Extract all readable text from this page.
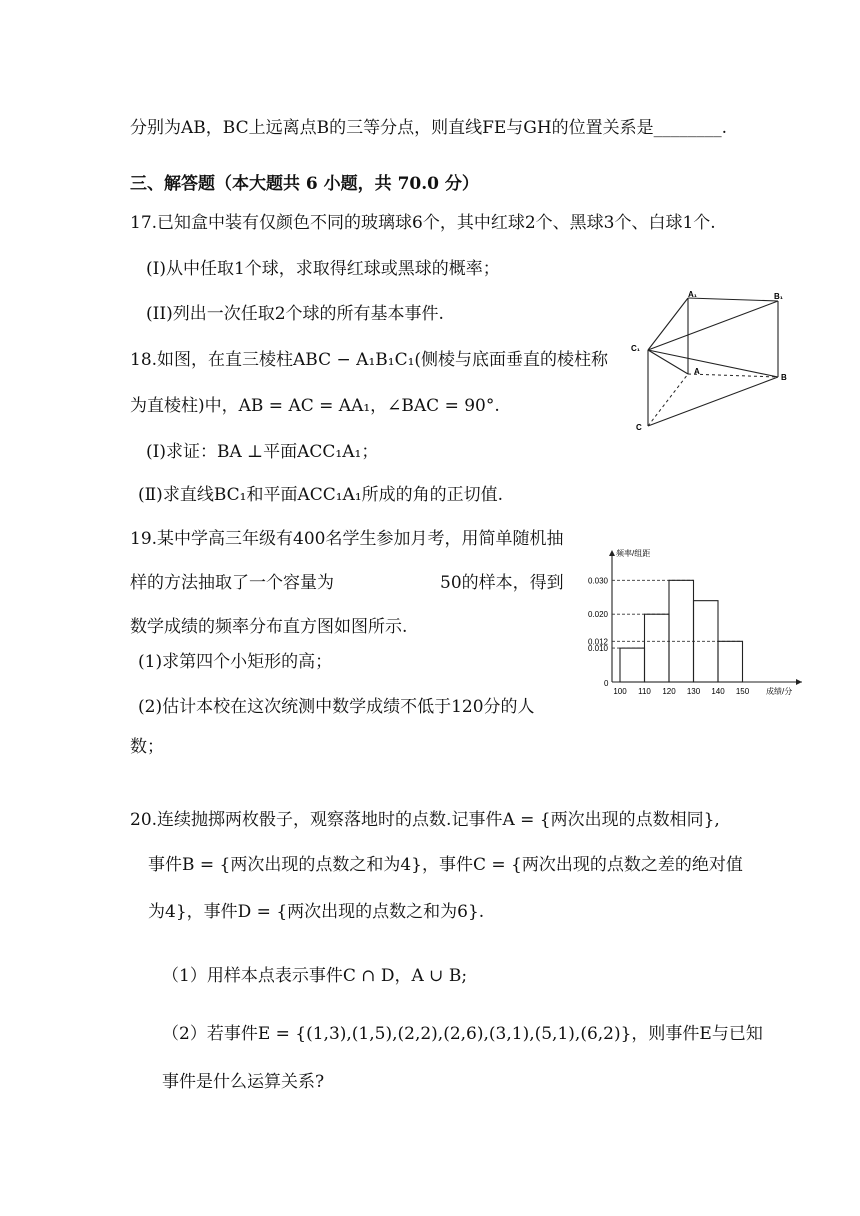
分别为AB，BC上远离点B的三等分点，则直线FE与GH的位置关系是________.
三、解答题（本大题共 6 小题，共 70.0 分）
17.已知盒中装有仅颜色不同的玻璃球6个，其中红球2个、黑球3个、白球1个.
(I)从中任取1个球，求取得红球或黑球的概率；
(II)列出一次任取2个球的所有基本事件.
18.如图，在直三棱柱ABC − A₁B₁C₁(侧棱与底面垂直的棱柱称
为直棱柱)中，AB = AC = AA₁，∠BAC = 90°.
(Ⅰ)求证：BA ⊥平面ACC₁A₁；
(Ⅱ)求直线BC₁和平面ACC₁A₁所成的角的正切值.
A₁	B₁
C₁
A
B
C
19.某中学高三年级有400名学生参加月考，用简单随机抽
样的方法抽取了一个容量为	50的样本，得到
数学成绩的频率分布直方图如图所示.
(1)求第四个小矩形的高；
(2)估计本校在这次统测中数学成绩不低于120分的人
数；
频率/组距
成绩/分
0
0.010
0.012
0.020
0.030
100 110 120 130 140 150
20.连续抛掷两枚骰子，观察落地时的点数.记事件A = {两次出现的点数相同},
事件B = {两次出现的点数之和为4}，事件C = {两次出现的点数之差的绝对值
为4}，事件D = {两次出现的点数之和为6}.
（1）用样本点表示事件C ∩ D，A ∪ B;
（2）若事件E = {(1,3),(1,5),(2,2),(2,6),(3,1),(5,1),(6,2)}，则事件E与已知
事件是什么运算关系?
